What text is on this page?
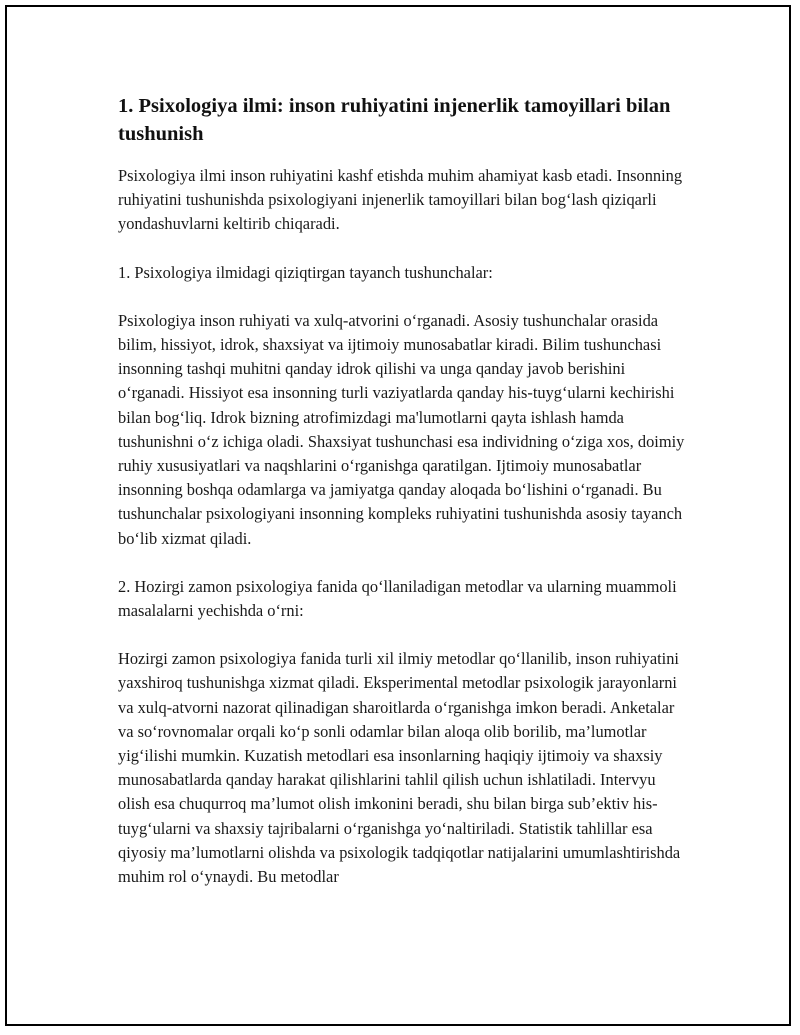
1. Psixologiya ilmi: inson ruhiyatini injenerlik tamoyillari bilan tushunish

Psixologiya ilmi inson ruhiyatini kashf etishda muhim ahamiyat kasb etadi. Insonning ruhiyatini tushunishda psixologiyani injenerlik tamoyillari bilan bog‘lash qiziqarli yondashuvlarni keltirib chiqaradi.

1. Psixologiya ilmidagi qiziqtirgan tayanch tushunchalar:

Psixologiya inson ruhiyati va xulq-atvorini o‘rganadi. Asosiy tushunchalar orasida bilim, hissiyot, idrok, shaxsiyat va ijtimoiy munosabatlar kiradi. Bilim tushunchasi insonning tashqi muhitni qanday idrok qilishi va unga qanday javob berishini o‘rganadi. Hissiyot esa insonning turli vaziyatlarda qanday his-tuyg‘ularni kechirishi bilan bog‘liq. Idrok bizning atrofimizdagi ma'lumotlarni qayta ishlash hamda tushunishni o‘z ichiga oladi. Shaxsiyat tushunchasi esa individning o‘ziga xos, doimiy ruhiy xususiyatlari va naqshlarini o‘rganishga qaratilgan. Ijtimoiy munosabatlar insonning boshqa odamlarga va jamiyatga qanday aloqada bo‘lishini o‘rganadi. Bu tushunchalar psixologiyani insonning kompleks ruhiyatini tushunishda asosiy tayanch bo‘lib xizmat qiladi.

2. Hozirgi zamon psixologiya fanida qo‘llaniladigan metodlar va ularning muammoli masalalarni yechishda o‘rni:

Hozirgi zamon psixologiya fanida turli xil ilmiy metodlar qo‘llanilib, inson ruhiyatini yaxshiroq tushunishga xizmat qiladi. Eksperimental metodlar psixologik jarayonlarni va xulq-atvorni nazorat qilinadigan sharoitlarda o‘rganishga imkon beradi. Anketalar va so‘rovnomalar orqali ko‘p sonli odamlar bilan aloqa olib borilib, ma’lumotlar yig‘ilishi mumkin. Kuzatish metodlari esa insonlarning haqiqiy ijtimoiy va shaxsiy munosabatlarda qanday harakat qilishlarini tahlil qilish uchun ishlatiladi. Intervyu olish esa chuqurroq ma’lumot olish imkonini beradi, shu bilan birga sub’ektiv his-tuyg‘ularni va shaxsiy tajribalarni o‘rganishga yo‘naltiriladi. Statistik tahlillar esa qiyosiy ma’lumotlarni olishda va psixologik tadqiqotlar natijalarini umumlashtirishda muhim rol o‘ynaydi. Bu metodlar
